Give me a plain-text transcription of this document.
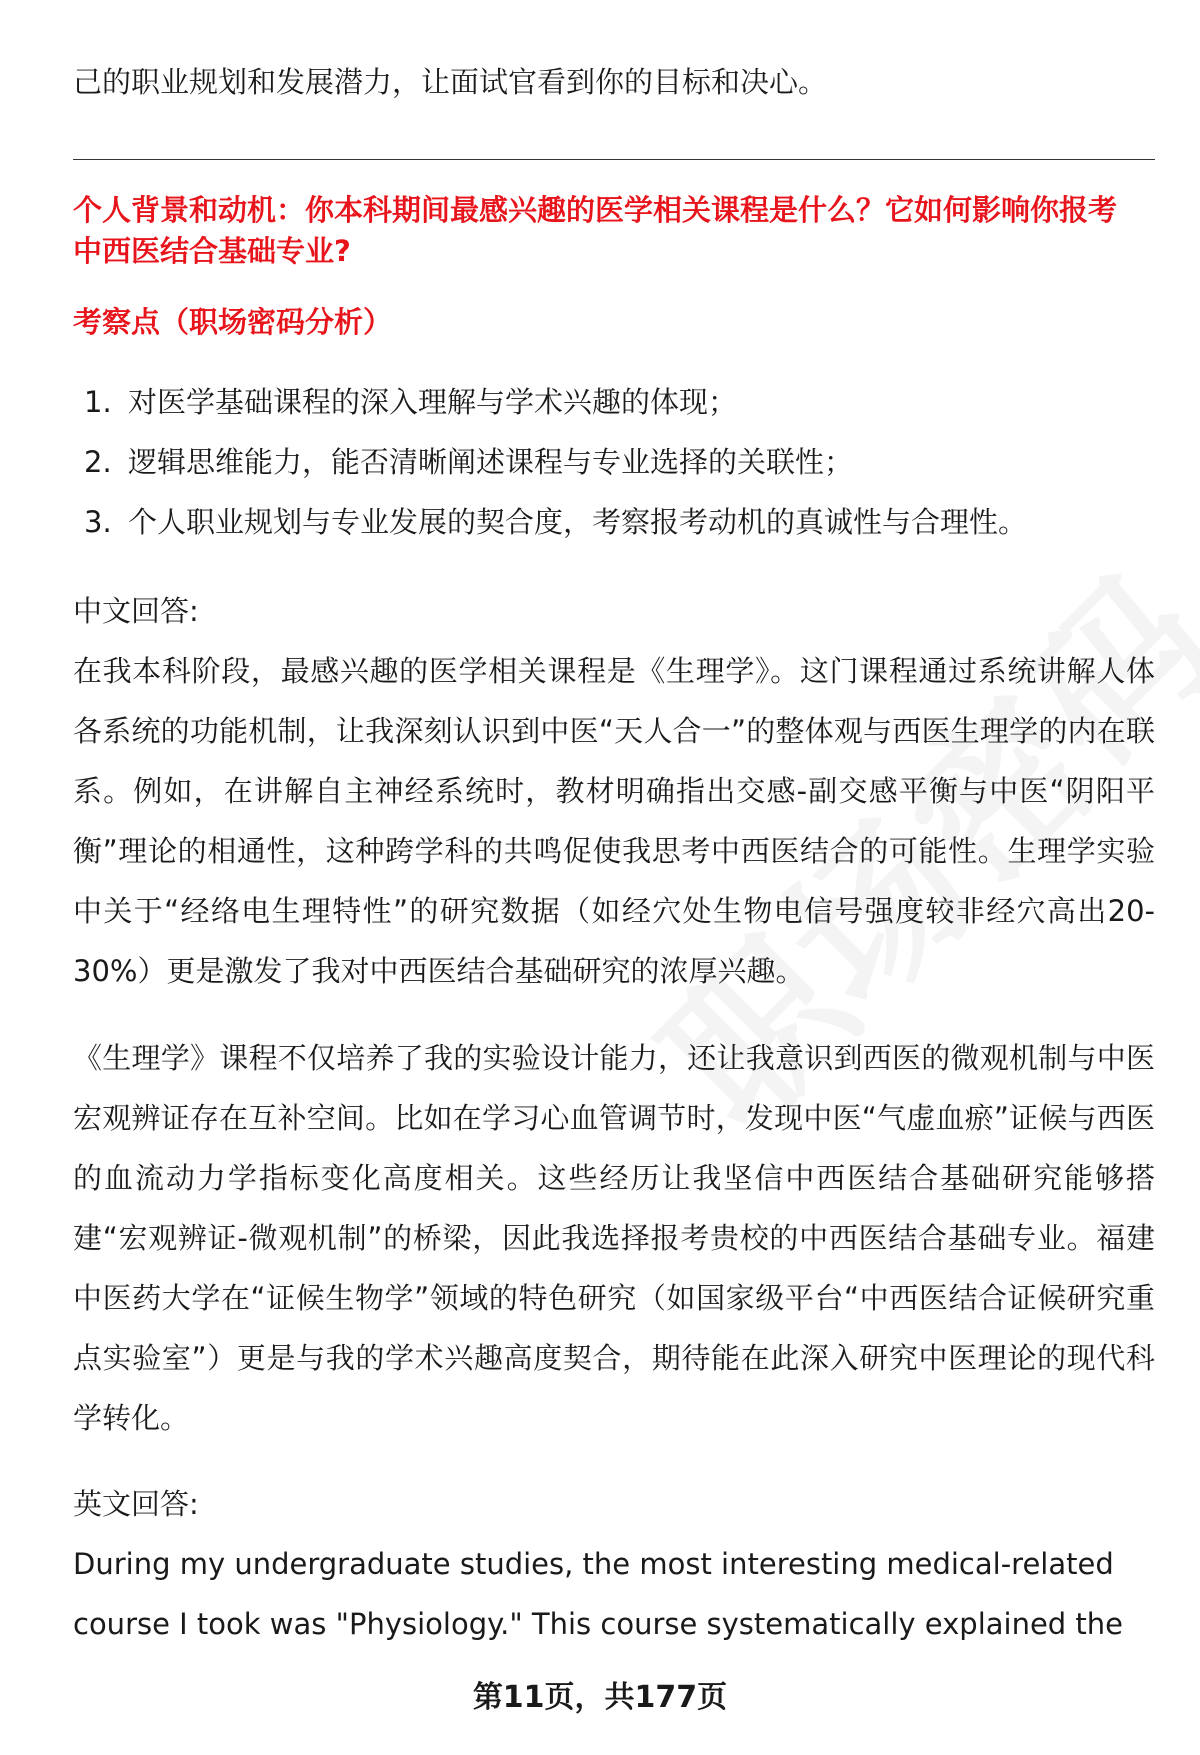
己的职业规划和发展潜力，让面试官看到你的目标和决心。

个人背景和动机：你本科期间最感兴趣的医学相关课程是什么？它如何影响你报考
中西医结合基础专业?
考察点（职场密码分析）
1. 对医学基础课程的深入理解与学术兴趣的体现；
2. 逻辑思维能力，能否清晰阐述课程与专业选择的关联性；
3. 个人职业规划与专业发展的契合度，考察报考动机的真诚性与合理性。

中文回答:

在我本科阶段，最感兴趣的医学相关课程是《生理学》。这门课程通过系统讲解人体各系统的功能机制，让我深刻认识到中医“天人合一”的整体观与西医生理学的内在联系。例如，在讲解自主神经系统时，教材明确指出交感-副交感平衡与中医“阴阳平衡”理论的相通性，这种跨学科的共鸣促使我思考中西医结合的可能性。生理学实验中关于“经络电生理特性”的研究数据（如经穴处生物电信号强度较非经穴高出20-30%）更是激发了我对中西医结合基础研究的浓厚兴趣。

《生理学》课程不仅培养了我的实验设计能力，还让我意识到西医的微观机制与中医宏观辨证存在互补空间。比如在学习心血管调节时，发现中医“气虚血瘀”证候与西医的血流动力学指标变化高度相关。这些经历让我坚信中西医结合基础研究能够搭建“宏观辨证-微观机制”的桥梁，因此我选择报考贵校的中西医结合基础专业。福建中医药大学在“证候生物学”领域的特色研究（如国家级平台“中西医结合证候研究重点实验室”）更是与我的学术兴趣高度契合，期待能在此深入研究中医理论的现代科学转化。

英文回答:

During my undergraduate studies, the most interesting medical-related course I took was "Physiology." This course systematically explained the

第11页，共177页
